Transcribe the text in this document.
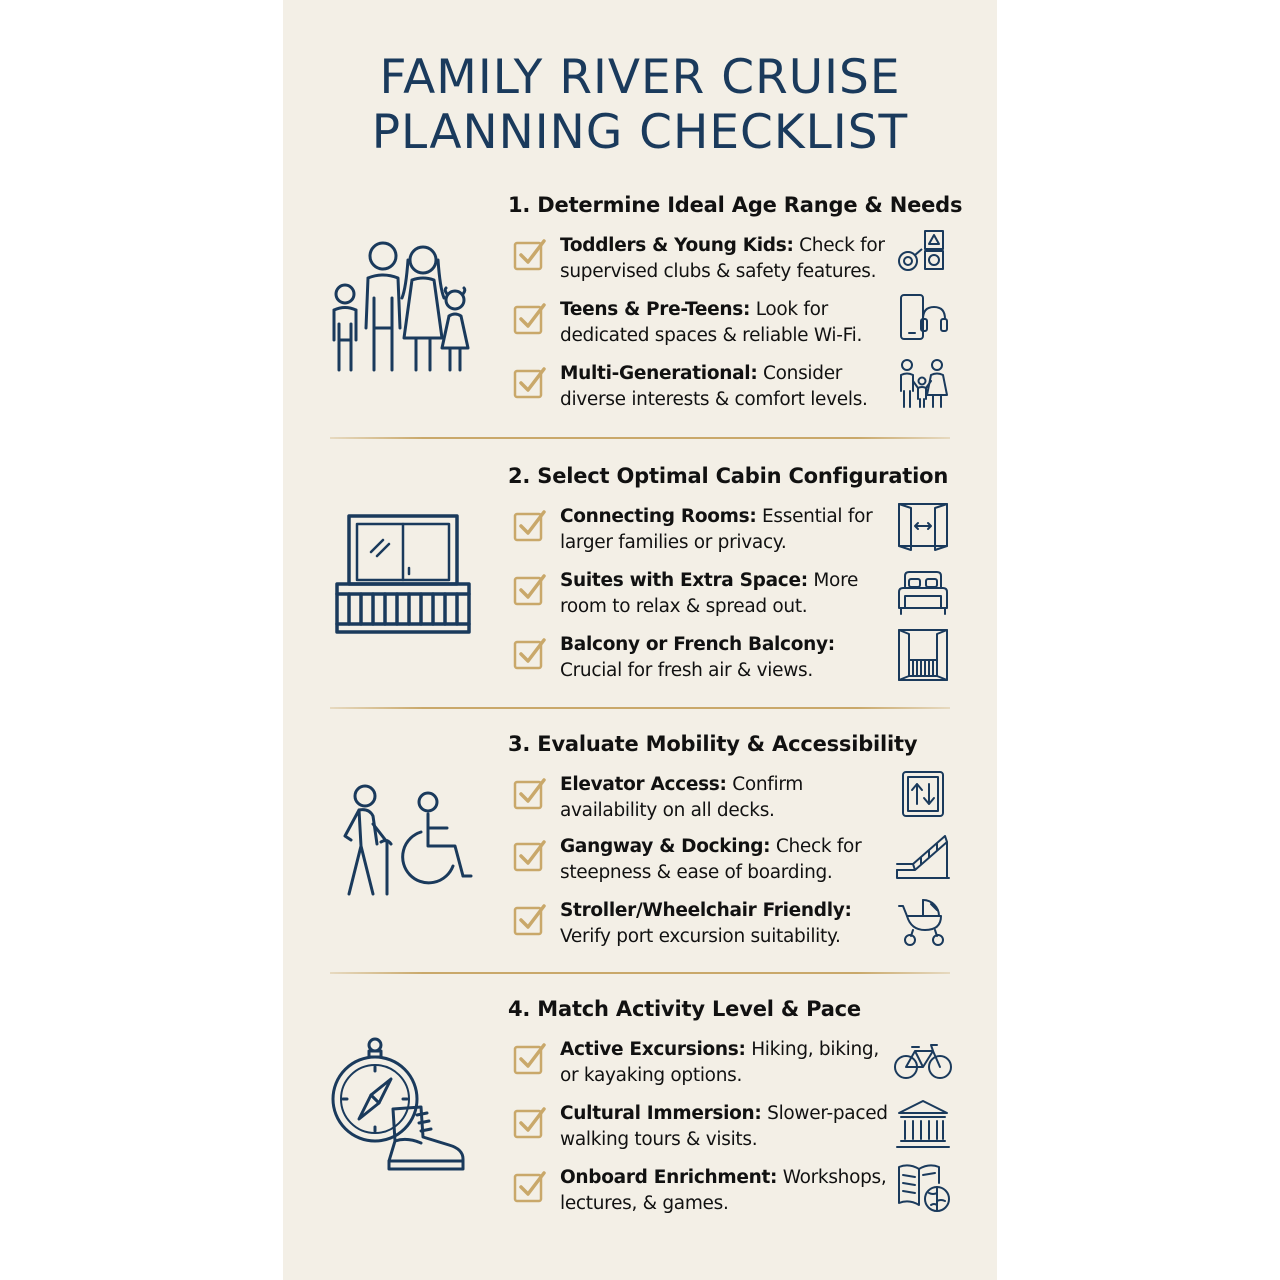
FAMILY RIVER CRUISE
PLANNING CHECKLIST
1. Determine Ideal Age Range & Needs
Toddlers & Young Kids: Check for supervised clubs & safety features.
Teens & Pre-Teens: Look for dedicated spaces & reliable Wi-Fi.
Multi-Generational: Consider diverse interests & comfort levels.
2. Select Optimal Cabin Configuration
Connecting Rooms: Essential for larger families or privacy.
Suites with Extra Space: More room to relax & spread out.
Balcony or French Balcony: Crucial for fresh air & views.
3. Evaluate Mobility & Accessibility
Elevator Access: Confirm availability on all decks.
Gangway & Docking: Check for steepness & ease of boarding.
Stroller/Wheelchair Friendly: Verify port excursion suitability.
4. Match Activity Level & Pace
Active Excursions: Hiking, biking, or kayaking options.
Cultural Immersion: Slower-paced walking tours & visits.
Onboard Enrichment: Workshops, lectures, & games.
